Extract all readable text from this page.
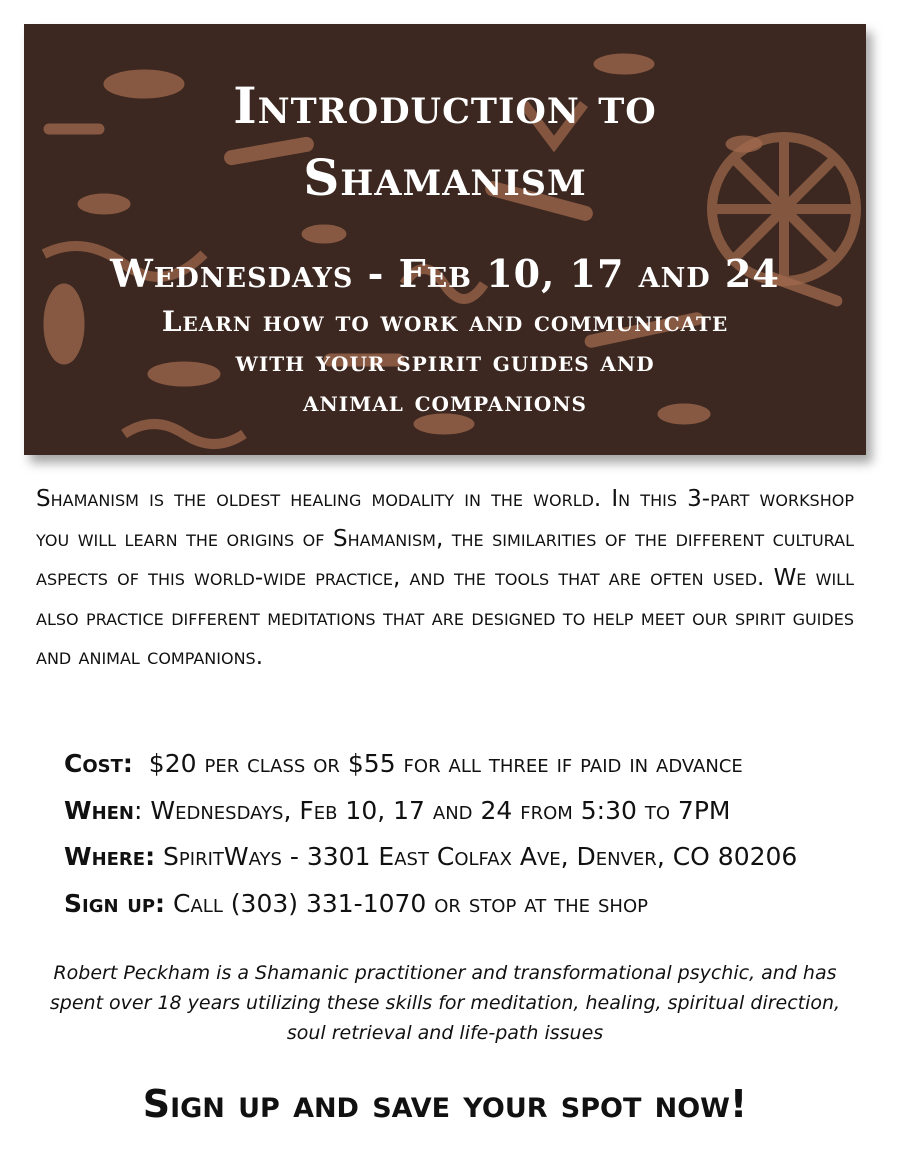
Introduction to
Shamanism
Wednesdays - Feb 10, 17 and 24
Learn how to work and communicate
with your spirit guides and
animal companions

Shamanism is the oldest healing modality in the world. In this 3-part workshop you will learn the origins of Shamanism, the similarities of the different cultural aspects of this world-wide practice, and the tools that are often used. We will also practice different meditations that are designed to help meet our spirit guides and animal companions.

Cost: $20 per class or $55 for all three if paid in advance
When: Wednesdays, Feb 10, 17 and 24 from 5:30 to 7PM
Where: SpiritWays - 3301 East Colfax Ave, Denver, CO 80206
Sign up: Call (303) 331-1070 or stop at the shop

Robert Peckham is a Shamanic practitioner and transformational psychic, and has spent over 18 years utilizing these skills for meditation, healing, spiritual direction, soul retrieval and life-path issues

Sign up and save your spot now!
